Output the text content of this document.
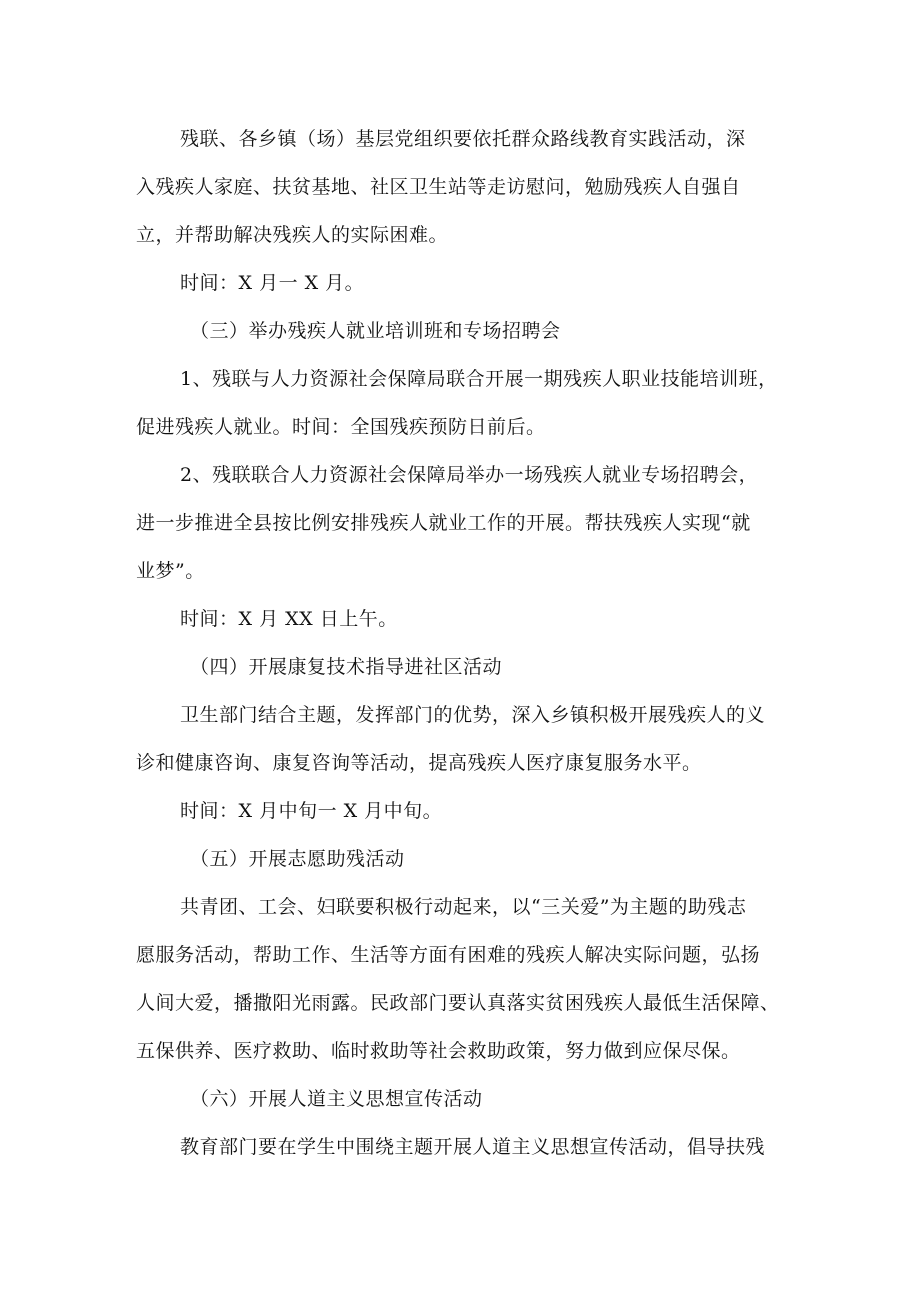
残联、各乡镇（场）基层党组织要依托群众路线教育实践活动，深
入残疾人家庭、扶贫基地、社区卫生站等走访慰问，勉励残疾人自强自
立，并帮助解决残疾人的实际困难。
时间：X 月一 X 月。
（三）举办残疾人就业培训班和专场招聘会
1、残联与人力资源社会保障局联合开展一期残疾人职业技能培训班，
促进残疾人就业。时间：全国残疾预防日前后。
2、残联联合人力资源社会保障局举办一场残疾人就业专场招聘会，
进一步推进全县按比例安排残疾人就业工作的开展。帮扶残疾人实现“就
业梦”。
时间：X 月 XX 日上午。
（四）开展康复技术指导进社区活动
卫生部门结合主题，发挥部门的优势，深入乡镇积极开展残疾人的义
诊和健康咨询、康复咨询等活动，提高残疾人医疗康复服务水平。
时间：X 月中旬一 X 月中旬。
（五）开展志愿助残活动
共青团、工会、妇联要积极行动起来，以“三关爱”为主题的助残志
愿服务活动，帮助工作、生活等方面有困难的残疾人解决实际问题，弘扬
人间大爱，播撒阳光雨露。民政部门要认真落实贫困残疾人最低生活保障、
五保供养、医疗救助、临时救助等社会救助政策，努力做到应保尽保。
（六）开展人道主义思想宣传活动
教育部门要在学生中围绕主题开展人道主义思想宣传活动，倡导扶残
